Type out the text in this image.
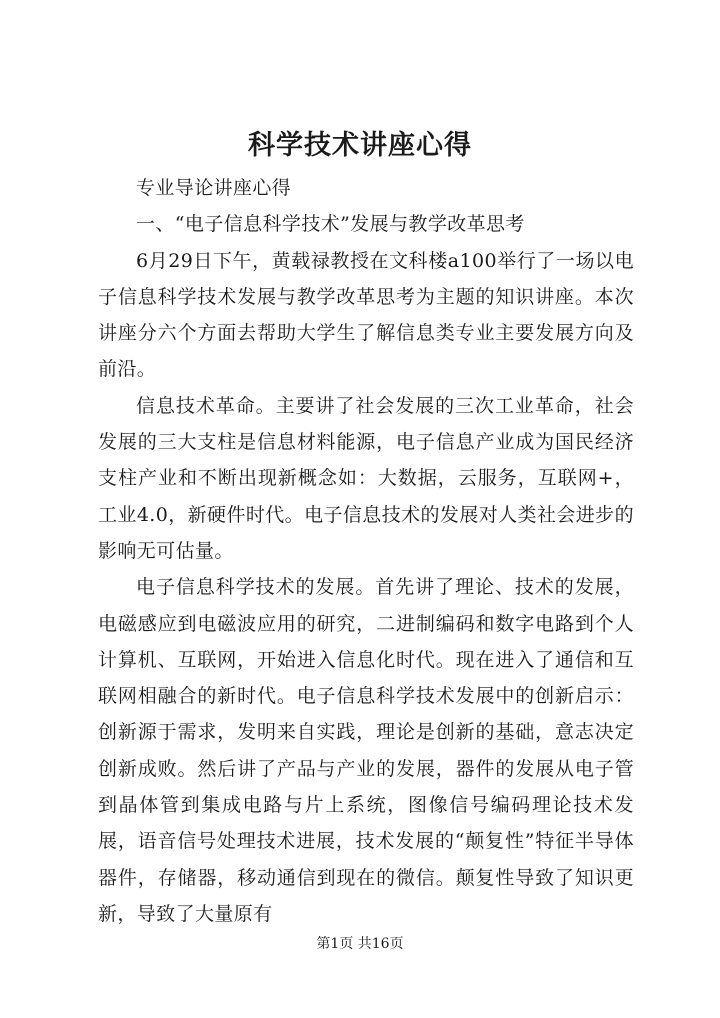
科学技术讲座心得

专业导论讲座心得

一、“电子信息科学技术”发展与教学改革思考

6月29日下午，黄载禄教授在文科楼a100举行了一场以电子信息科学技术发展与教学改革思考为主题的知识讲座。本次讲座分六个方面去帮助大学生了解信息类专业主要发展方向及前沿。

信息技术革命。主要讲了社会发展的三次工业革命，社会发展的三大支柱是信息材料能源，电子信息产业成为国民经济支柱产业和不断出现新概念如：大数据，云服务，互联网+，工业4.0，新硬件时代。电子信息技术的发展对人类社会进步的影响无可估量。

电子信息科学技术的发展。首先讲了理论、技术的发展，电磁感应到电磁波应用的研究，二进制编码和数字电路到个人计算机、互联网，开始进入信息化时代。现在进入了通信和互联网相融合的新时代。电子信息科学技术发展中的创新启示：创新源于需求，发明来自实践，理论是创新的基础，意志决定创新成败。然后讲了产品与产业的发展，器件的发展从电子管到晶体管到集成电路与片上系统，图像信号编码理论技术发展，语音信号处理技术进展，技术发展的“颠复性”特征半导体器件，存储器，移动通信到现在的微信。颠复性导致了知识更新，导致了大量原有

第1页 共16页
